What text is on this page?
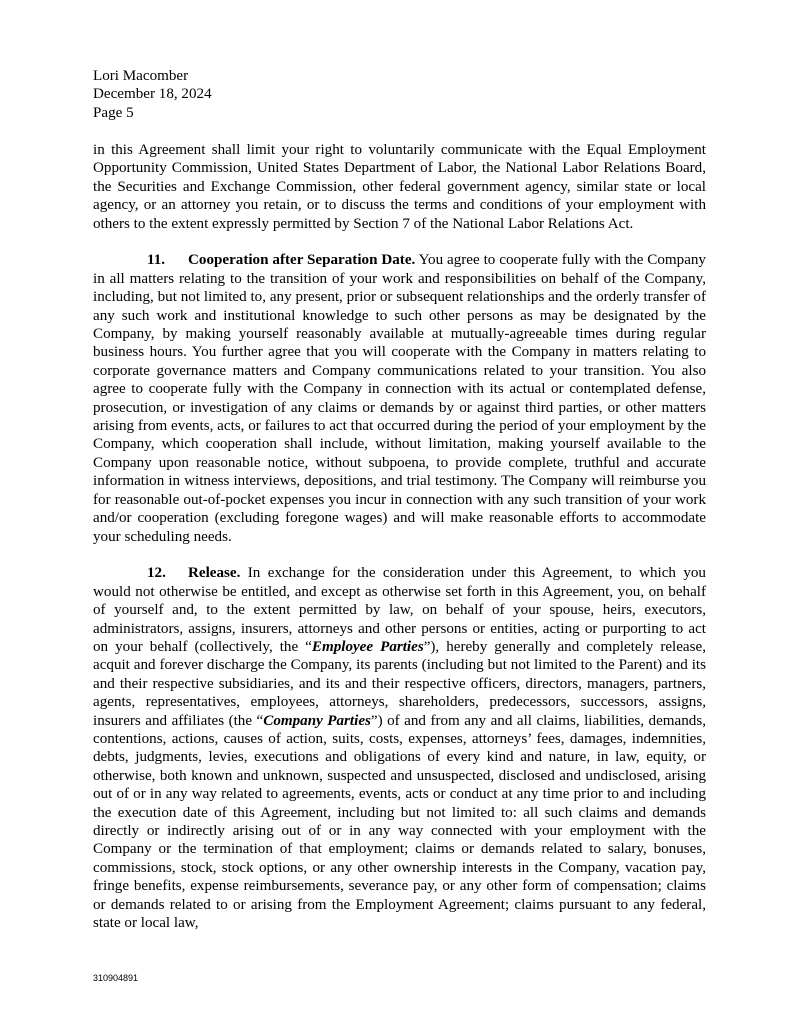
Lori Macomber
December 18, 2024
Page 5

in this Agreement shall limit your right to voluntarily communicate with the Equal Employment Opportunity Commission, United States Department of Labor, the National Labor Relations Board, the Securities and Exchange Commission, other federal government agency, similar state or local agency, or an attorney you retain, or to discuss the terms and conditions of your employment with others to the extent expressly permitted by Section 7 of the National Labor Relations Act.

11. Cooperation after Separation Date. You agree to cooperate fully with the Company in all matters relating to the transition of your work and responsibilities on behalf of the Company, including, but not limited to, any present, prior or subsequent relationships and the orderly transfer of any such work and institutional knowledge to such other persons as may be designated by the Company, by making yourself reasonably available at mutually-agreeable times during regular business hours. You further agree that you will cooperate with the Company in matters relating to corporate governance matters and Company communications related to your transition. You also agree to cooperate fully with the Company in connection with its actual or contemplated defense, prosecution, or investigation of any claims or demands by or against third parties, or other matters arising from events, acts, or failures to act that occurred during the period of your employment by the Company, which cooperation shall include, without limitation, making yourself available to the Company upon reasonable notice, without subpoena, to provide complete, truthful and accurate information in witness interviews, depositions, and trial testimony. The Company will reimburse you for reasonable out-of-pocket expenses you incur in connection with any such transition of your work and/or cooperation (excluding foregone wages) and will make reasonable efforts to accommodate your scheduling needs.

12. Release. In exchange for the consideration under this Agreement, to which you would not otherwise be entitled, and except as otherwise set forth in this Agreement, you, on behalf of yourself and, to the extent permitted by law, on behalf of your spouse, heirs, executors, administrators, assigns, insurers, attorneys and other persons or entities, acting or purporting to act on your behalf (collectively, the “Employee Parties”), hereby generally and completely release, acquit and forever discharge the Company, its parents (including but not limited to the Parent) and its and their respective subsidiaries, and its and their respective officers, directors, managers, partners, agents, representatives, employees, attorneys, shareholders, predecessors, successors, assigns, insurers and affiliates (the “Company Parties”) of and from any and all claims, liabilities, demands, contentions, actions, causes of action, suits, costs, expenses, attorneys’ fees, damages, indemnities, debts, judgments, levies, executions and obligations of every kind and nature, in law, equity, or otherwise, both known and unknown, suspected and unsuspected, disclosed and undisclosed, arising out of or in any way related to agreements, events, acts or conduct at any time prior to and including the execution date of this Agreement, including but not limited to: all such claims and demands directly or indirectly arising out of or in any way connected with your employment with the Company or the termination of that employment; claims or demands related to salary, bonuses, commissions, stock, stock options, or any other ownership interests in the Company, vacation pay, fringe benefits, expense reimbursements, severance pay, or any other form of compensation; claims or demands related to or arising from the Employment Agreement; claims pursuant to any federal, state or local law,

310904891
